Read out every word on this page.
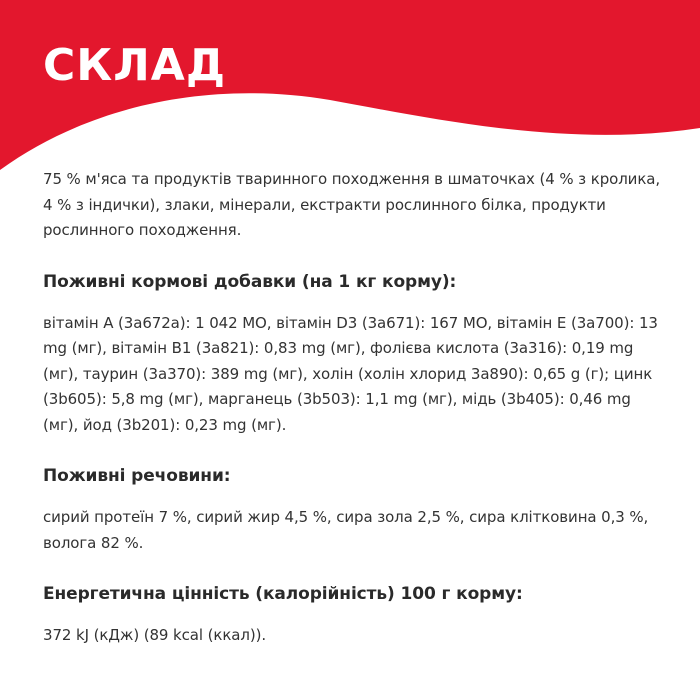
СКЛАД

75 % м'яса та продуктів тваринного походження в шматочках (4 % з кролика, 4 % з індички), злаки, мінерали, екстракти рослинного білка, продукти рослинного походження.

Поживні кормові добавки (на 1 кг корму):

вітамін А (3а672а): 1 042 МО, вітамін D3 (3а671): 167 МО, вітамін Е (3а700): 13 mg (мг), вітамін В1 (3а821): 0,83 mg (мг), фолієва кислота (3а316): 0,19 mg (мг), таурин (3а370): 389 mg (мг), холін (холін хлорид 3а890): 0,65 g (г); цинк (3b605): 5,8 mg (мг), марганець (3b503): 1,1 mg (мг), мідь (3b405): 0,46 mg (мг), йод (3b201): 0,23 mg (мг).

Поживні речовини:

сирий протеїн 7 %, сирий жир 4,5 %, сира зола 2,5 %, сира клітковина 0,3 %, волога 82 %.

Енергетична цінність (калорійність) 100 г корму:

372 kJ (кДж) (89 kcal (ккал)).
